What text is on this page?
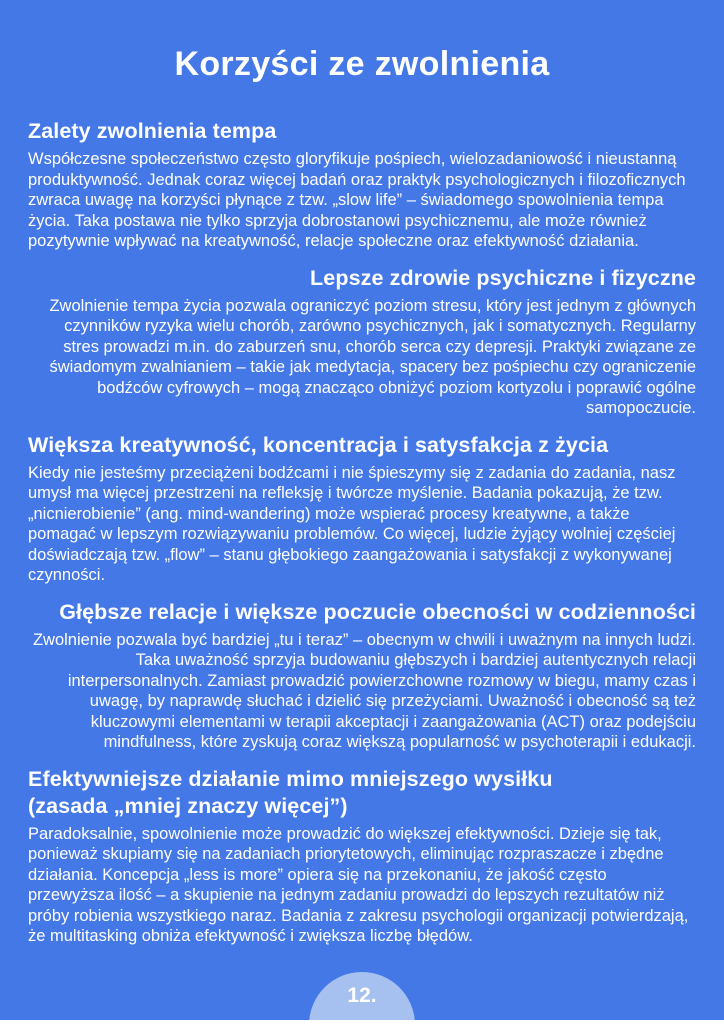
Korzyści ze zwolnienia
Zalety zwolnienia tempa

Współczesne społeczeństwo często gloryfikuje pośpiech, wielozadaniowość i nieustanną produktywność. Jednak coraz więcej badań oraz praktyk psychologicznych i filozoficznych zwraca uwagę na korzyści płynące z tzw. „slow life” – świadomego spowolnienia tempa życia. Taka postawa nie tylko sprzyja dobrostanowi psychicznemu, ale może również pozytywnie wpływać na kreatywność, relacje społeczne oraz efektywność działania.

Lepsze zdrowie psychiczne i fizyczne

Zwolnienie tempa życia pozwala ograniczyć poziom stresu, który jest jednym z głównych czynników ryzyka wielu chorób, zarówno psychicznych, jak i somatycznych. Regularny stres prowadzi m.in. do zaburzeń snu, chorób serca czy depresji. Praktyki związane ze świadomym zwalnianiem – takie jak medytacja, spacery bez pośpiechu czy ograniczenie bodźców cyfrowych – mogą znacząco obniżyć poziom kortyzolu i poprawić ogólne samopoczucie.

Większa kreatywność, koncentracja i satysfakcja z życia

Kiedy nie jesteśmy przeciążeni bodźcami i nie śpieszymy się z zadania do zadania, nasz umysł ma więcej przestrzeni na refleksję i twórcze myślenie. Badania pokazują, że tzw. „nicnierobienie” (ang. mind-wandering) może wspierać procesy kreatywne, a także pomagać w lepszym rozwiązywaniu problemów. Co więcej, ludzie żyjący wolniej częściej doświadczają tzw. „flow” – stanu głębokiego zaangażowania i satysfakcji z wykonywanej czynności.

Głębsze relacje i większe poczucie obecności w codzienności

Zwolnienie pozwala być bardziej „tu i teraz” – obecnym w chwili i uważnym na innych ludzi. Taka uważność sprzyja budowaniu głębszych i bardziej autentycznych relacji interpersonalnych. Zamiast prowadzić powierzchowne rozmowy w biegu, mamy czas i uwagę, by naprawdę słuchać i dzielić się przeżyciami. Uważność i obecność są też kluczowymi elementami w terapii akceptacji i zaangażowania (ACT) oraz podejściu mindfulness, które zyskują coraz większą popularność w psychoterapii i edukacji.

Efektywniejsze działanie mimo mniejszego wysiłku
(zasada „mniej znaczy więcej”)

Paradoksalnie, spowolnienie może prowadzić do większej efektywności. Dzieje się tak, ponieważ skupiamy się na zadaniach priorytetowych, eliminując rozpraszacze i zbędne działania. Koncepcja „less is more” opiera się na przekonaniu, że jakość często przewyższa ilość – a skupienie na jednym zadaniu prowadzi do lepszych rezultatów niż próby robienia wszystkiego naraz. Badania z zakresu psychologii organizacji potwierdzają, że multitasking obniża efektywność i zwiększa liczbę błędów.

12.
